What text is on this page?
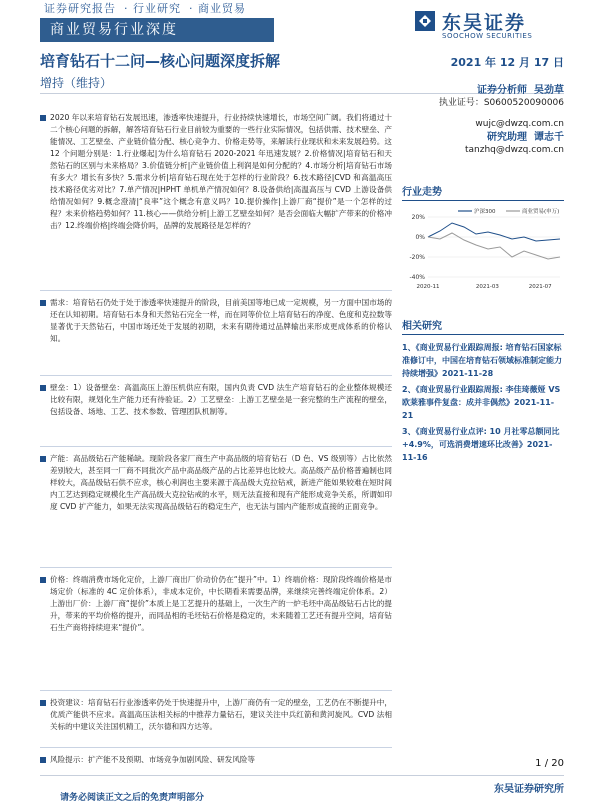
证券研究报告 · 行业研究 · 商业贸易
商业贸易行业深度	东吴证券
SOOCHOW SECURITIES
培育钻石十二问—核心问题深度拆解
增持（维持）
2021 年 12 月 17 日
2020 年以来培育钻石发展迅速，渗透率快速提升，行业持续快速增长，市场空间广阔。我们将通过十二个核心问题的拆解，解答培育钻石行业目前较为重要的一些行业实际情况，包括供需、技术壁垒、产能情况、工艺壁垒、产业链价值分配、核心竞争力、价格走势等，来解读行业现状和未来发展趋势。这 12 个问题分别是：1.行业爆起|为什么培育钻石 2020-2021 年迅速发展？2.价格情况|培育钻石和天然钻石的区别与未来格局？3.价值链分析|产业链价值上利润是如何分配的？4.市场分析|培育钻石市场有多大？增长有多快？5.需求分析|培育钻石现在处于怎样的行业阶段？6.技术路径|CVD 和高温高压技术路径优劣对比？7.单产情况|HPHT 单机单产情况如何？8.设备供给|高温高压与 CVD 上游设备供给情况如何？9.概念澄清|“良率”这个概念有意义吗？10.提价操作|上游厂商“提价”是一个怎样的过程？未来价格趋势如何？11.核心——供给分析|上游工艺壁垒如何？是否会面临大幅扩产带来的价格冲击？12.终端价格|终端会降价吗，品牌的发展路径是怎样的？
需求：培育钻石仍处于处于渗透率快速提升的阶段，目前美国等地已成一定规模，另一方面中国市场的还在认知初期。培育钻石本身和天然钻石完全一样，而在同等价位上培育钻石的净度、色度和克拉数等显著优于天然钻石，中国市场还处于发展的初期，未来有期待通过品牌输出来形成更成体系的价格认知。
壁垒：1）设备壁垒：高温高压上游压机供应有限，国内负责 CVD 法生产培育钻石的企业整体规模还比较有限，规划化生产能力还有待验证。2）工艺壁垒：上游工艺壁垒是一套完整的生产流程的壁垒，包括设备、场地、工艺、技术参数、管理团队机制等。
产能：高品级钻石产能稀缺。现阶段各家厂商生产中高品级的培育钻石（D 色、VS 级别等）占比依然差别较大，甚至同一厂商不同批次产品中高品级产品的占比差异也比较大。高品级产品价格普遍制也同样较大，高品级钻石供不应求，核心利润也主要来源于高品级大克拉钻戒，新进产能如果较难在短时间内工艺达到稳定规模化生产高品级大克拉钻戒的水平，则无法直接和现有产能形成竞争关系，所谓如印度 CVD 扩产能力，如果无法实现高品级钻石的稳定生产，也无法与国内产能形成直接的正面竞争。
价格：终端消费市场化定价，上游厂商出厂价动价仍在“提升”中。1）终端价格：现阶段终端价格是市场定价（标准的 4C 定价体系），非成本定价，中长期看来需要品牌，来继续完善终端定价体系。2）上游出厂价：上游厂商“提价”本质上是工艺提升的基础上，一次生产的一炉毛坯中高品级钻石占比的提升，带来的平均价格的提升，而同品相的毛坯钻石价格是稳定的，未来随着工艺还有提升空间，培育钻石生产商将持续迎来“提价”。
投资建议：培育钻石行业渗透率仍处于快速提升中，上游厂商仍有一定的壁垒，工艺仍在不断提升中，优质产能供不应求。高温高压法相关标的中推荐力量钻石，建议关注中兵红箭和黄河旋风。CVD 法相关标的中建议关注国机精工，沃尔德和四方达等。
风险提示：扩产能不及预期、市场竞争加剧风险、研发风险等
证券分析师 吴劲草
执业证号：S0600520090006
wujc@dwzq.com.cn
研究助理 谭志千
tanzhq@dwzq.com.cn
行业走势
20%
0%
-20%
-40%
2020-11	2021-03	2021-07
沪深300	商业贸易(申万)
相关研究
1、《商业贸易行业跟踪周报: 培育钻石国家标准修订中，中国在培育钻石领域标准制定能力持续增强》2021-11-28
2、《商业贸易行业跟踪周报: 李佳琦薇娅 VS 欧莱雅事件复盘：成并非偶然》2021-11-21
3、《商业贸易行业点评: 10 月社零总额同比+4.9%，可选消费增速环比改善》2021-11-16
1 / 20
东吴证券研究所
请务必阅读正文之后的免责声明部分
